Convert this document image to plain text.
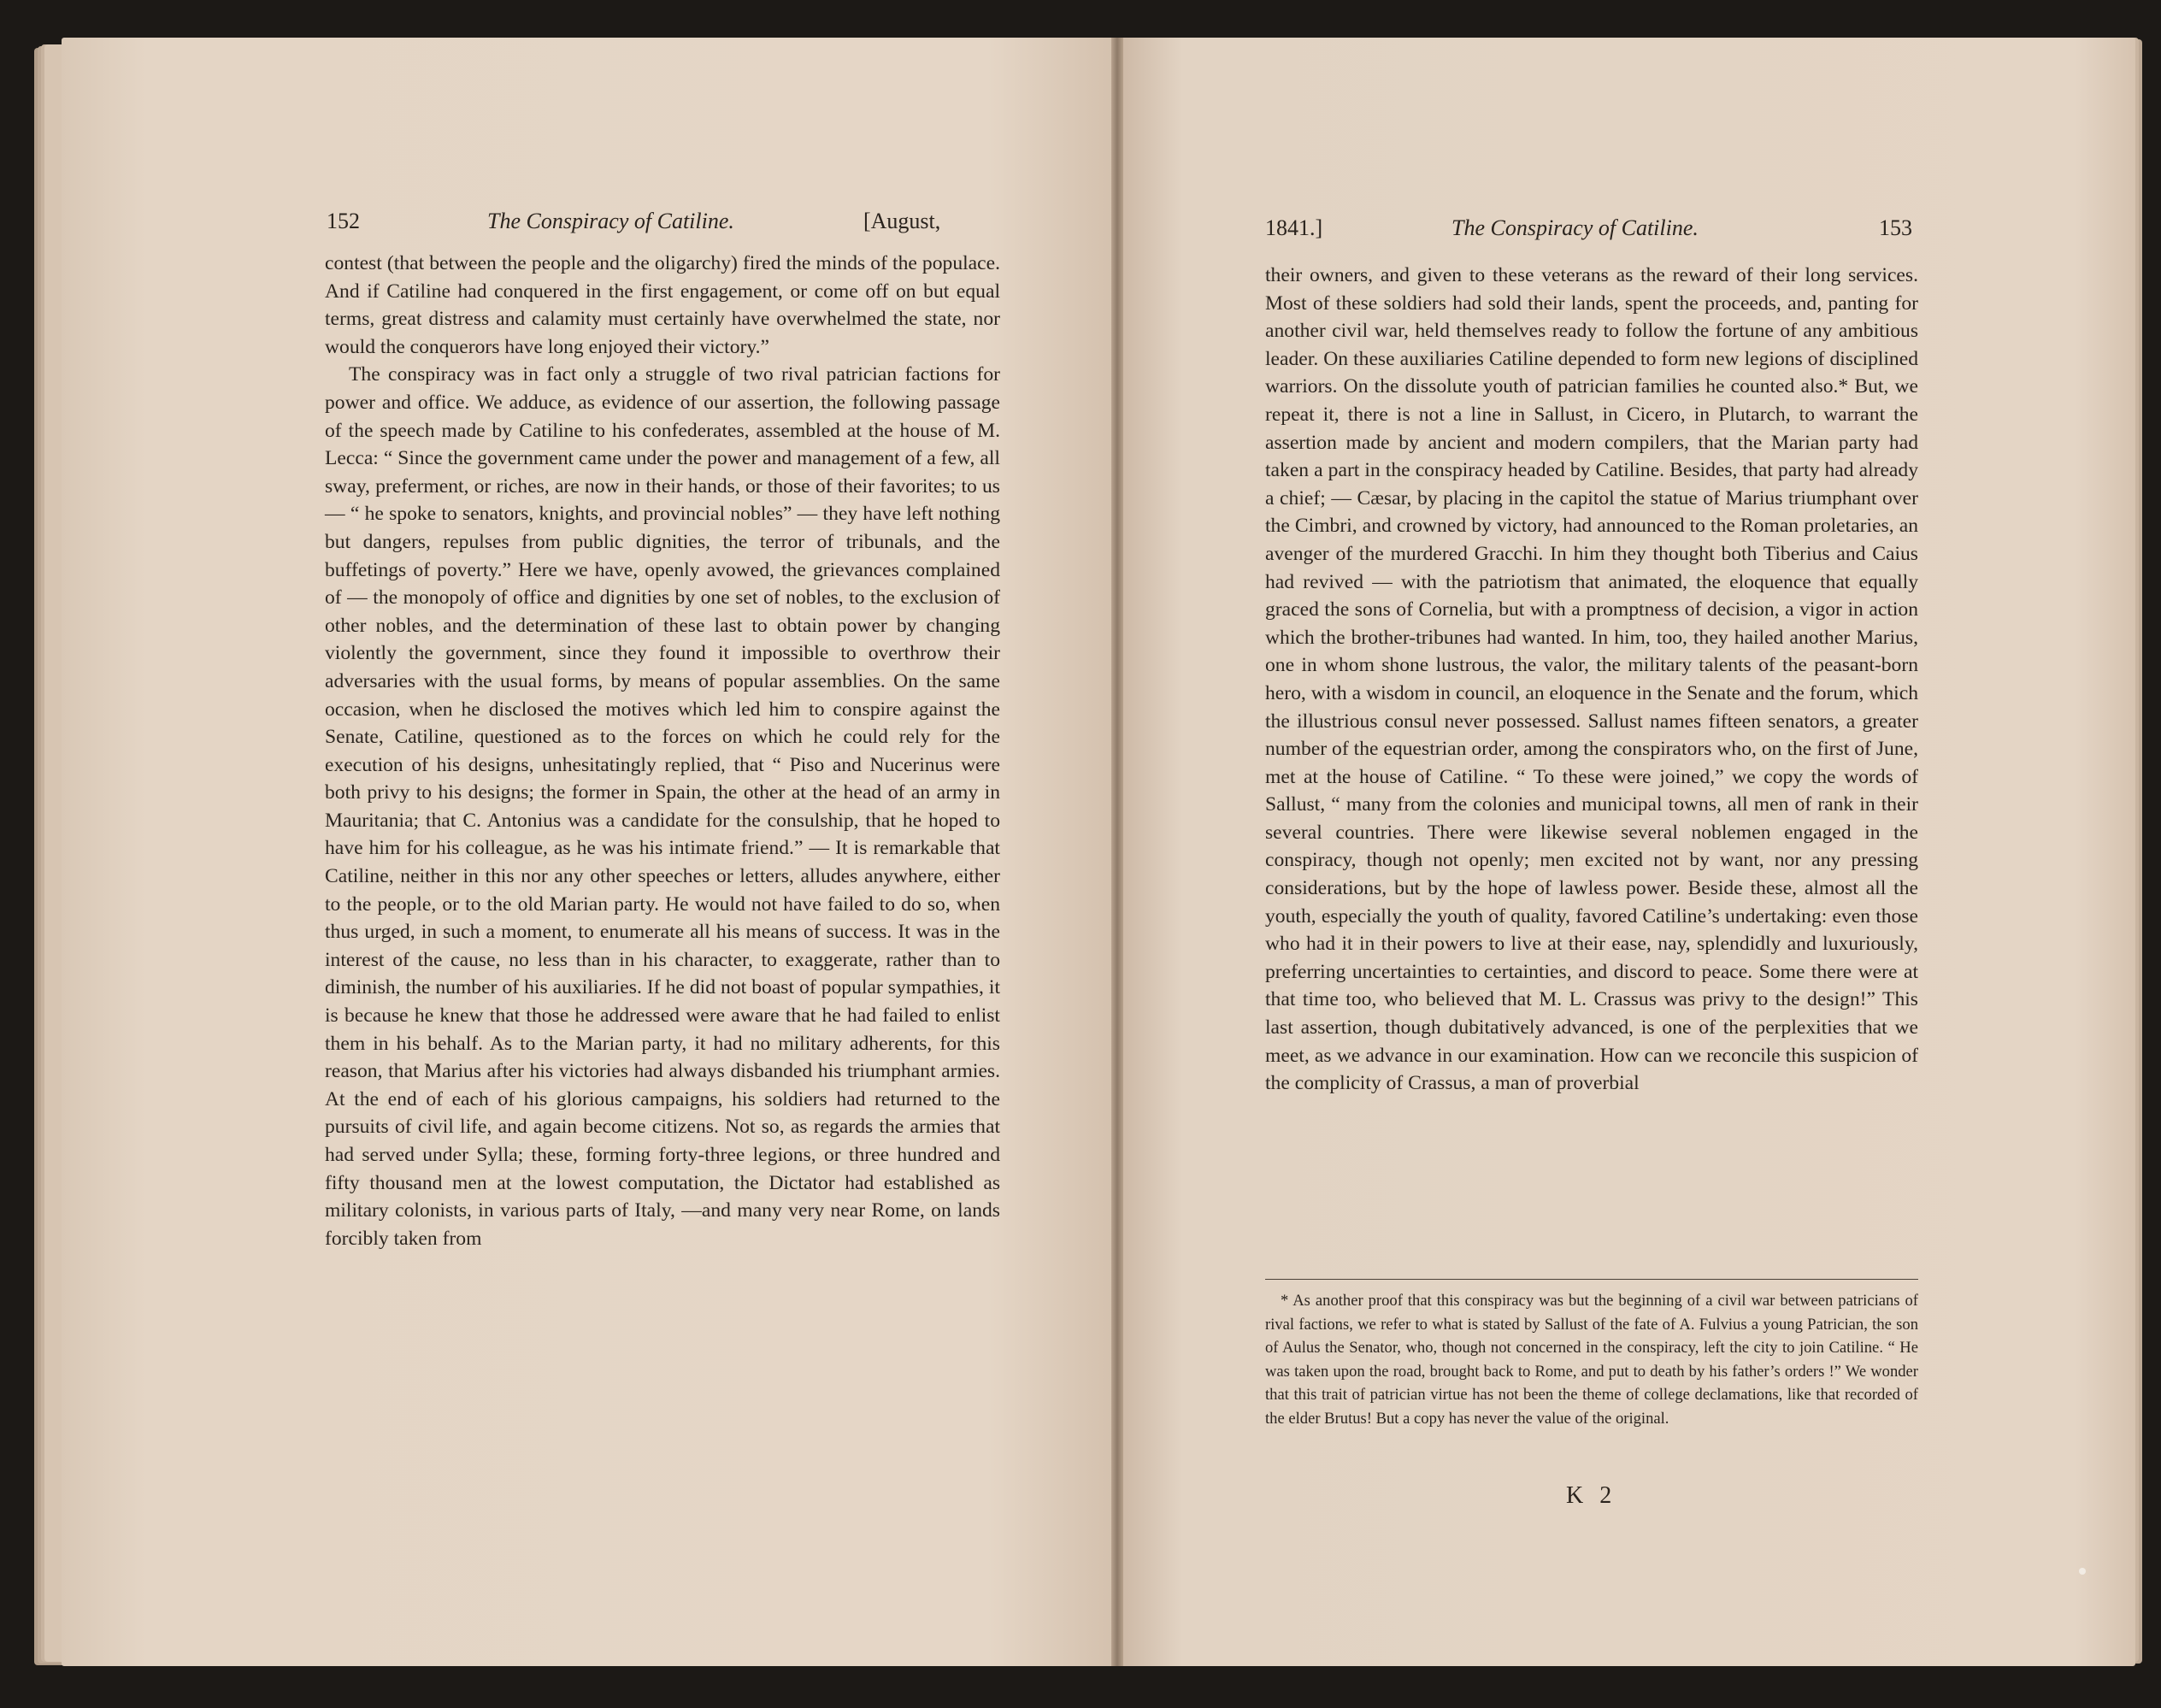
152	The Conspiracy of Catiline.	[August,

contest (that between the people and the oligarchy) fired the minds of the populace. And if Catiline had conquered in the first engagement, or come off on but equal terms, great distress and calamity must certainly have overwhelmed the state, nor would the conquerors have long enjoyed their victory.”

The conspiracy was in fact only a struggle of two rival patrician factions for power and office. We adduce, as evidence of our assertion, the following passage of the speech made by Catiline to his confederates, assembled at the house of M. Lecca: “ Since the government came under the power and management of a few, all sway, preferment, or riches, are now in their hands, or those of their favorites; to us — “ he spoke to senators, knights, and provincial nobles” — they have left nothing but dangers, repulses from public dignities, the terror of tribunals, and the buffetings of poverty.” Here we have, openly avowed, the grievances complained of — the monopoly of office and dignities by one set of nobles, to the exclusion of other nobles, and the determination of these last to obtain power by changing violently the government, since they found it impossible to overthrow their adversaries with the usual forms, by means of popular assemblies. On the same occasion, when he disclosed the motives which led him to conspire against the Senate, Catiline, questioned as to the forces on which he could rely for the execution of his designs, unhesitatingly replied, that “ Piso and Nucerinus were both privy to his designs; the former in Spain, the other at the head of an army in Mauritania; that C. Antonius was a candidate for the consulship, that he hoped to have him for his colleague, as he was his intimate friend.” — It is remarkable that Catiline, neither in this nor any other speeches or letters, alludes anywhere, either to the people, or to the old Marian party. He would not have failed to do so, when thus urged, in such a moment, to enumerate all his means of success. It was in the interest of the cause, no less than in his character, to exaggerate, rather than to diminish, the number of his auxiliaries. If he did not boast of popular sympathies, it is because he knew that those he addressed were aware that he had failed to enlist them in his behalf. As to the Marian party, it had no military adherents, for this reason, that Marius after his victories had always disbanded his triumphant armies. At the end of each of his glorious campaigns, his soldiers had returned to the pursuits of civil life, and again become citizens. Not so, as regards the armies that had served under Sylla; these, forming forty-three legions, or three hundred and fifty thousand men at the lowest computation, the Dictator had established as military colonists, in various parts of Italy, —and many very near Rome, on lands forcibly taken from

1841.]	The Conspiracy of Catiline.	153

their owners, and given to these veterans as the reward of their long services. Most of these soldiers had sold their lands, spent the proceeds, and, panting for another civil war, held themselves ready to follow the fortune of any ambitious leader. On these auxiliaries Catiline depended to form new legions of disciplined warriors. On the dissolute youth of patrician families he counted also.* But, we repeat it, there is not a line in Sallust, in Cicero, in Plutarch, to warrant the assertion made by ancient and modern compilers, that the Marian party had taken a part in the conspiracy headed by Catiline. Besides, that party had already a chief; — Cæsar, by placing in the capitol the statue of Marius triumphant over the Cimbri, and crowned by victory, had announced to the Roman proletaries, an avenger of the murdered Gracchi. In him they thought both Tiberius and Caius had revived — with the patriotism that animated, the eloquence that equally graced the sons of Cornelia, but with a promptness of decision, a vigor in action which the brother-tribunes had wanted. In him, too, they hailed another Marius, one in whom shone lustrous, the valor, the military talents of the peasant-born hero, with a wisdom in council, an eloquence in the Senate and the forum, which the illustrious consul never possessed. Sallust names fifteen senators, a greater number of the equestrian order, among the conspirators who, on the first of June, met at the house of Catiline. “ To these were joined,” we copy the words of Sallust, “ many from the colonies and municipal towns, all men of rank in their several countries. There were likewise several noblemen engaged in the conspiracy, though not openly; men excited not by want, nor any pressing considerations, but by the hope of lawless power. Beside these, almost all the youth, especially the youth of quality, favored Catiline’s undertaking: even those who had it in their powers to live at their ease, nay, splendidly and luxuriously, preferring uncertainties to certainties, and discord to peace. Some there were at that time too, who believed that M. L. Crassus was privy to the design!” This last assertion, though dubitatively advanced, is one of the perplexities that we meet, as we advance in our examination. How can we reconcile this suspicion of the complicity of Crassus, a man of proverbial

* As another proof that this conspiracy was but the beginning of a civil war between patricians of rival factions, we refer to what is stated by Sallust of the fate of A. Fulvius a young Patrician, the son of Aulus the Senator, who, though not concerned in the conspiracy, left the city to join Catiline. “ He was taken upon the road, brought back to Rome, and put to death by his father’s orders !” We wonder that this trait of patrician virtue has not been the theme of college declamations, like that recorded of the elder Brutus! But a copy has never the value of the original.

K 2
